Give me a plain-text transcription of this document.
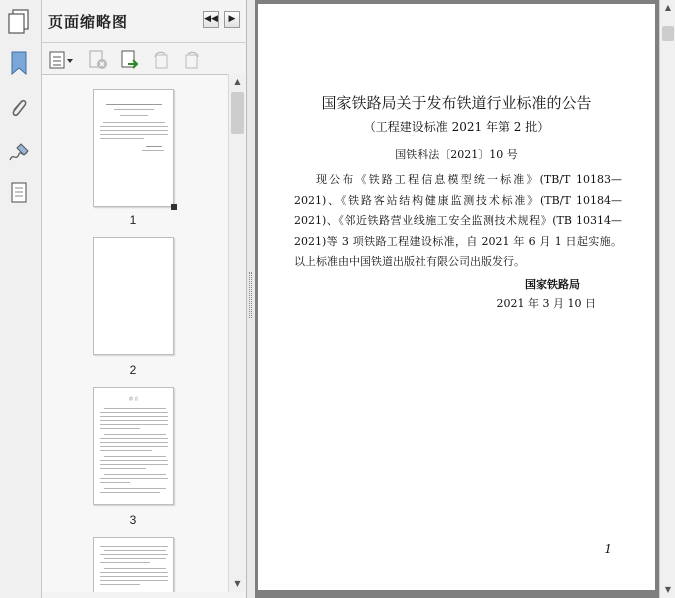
页面缩略图	◀◀	▶
1
2
前 言
3
▲
▼
国家铁路局关于发布铁道行业标准的公告
（工程建设标准 2021 年第 2 批）
国铁科法〔2021〕10 号

现公布《铁路工程信息模型统一标准》(TB/T 10183—2021)、《铁路客站结构健康监测技术标准》(TB/T 10184—2021)、《邻近铁路营业线施工安全监测技术规程》(TB 10314—2021)等 3 项铁路工程建设标准，自 2021 年 6 月 1 日起实施。以上标准由中国铁道出版社有限公司出版发行。

国家铁路局
2021 年 3 月 10 日
1
▲
▼
